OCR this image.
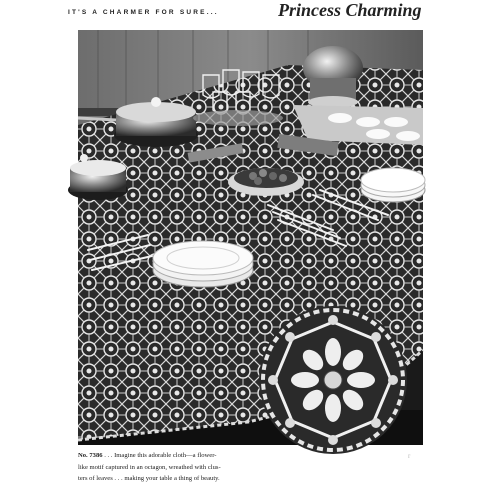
IT'S A CHARMER FOR SURE...	Princess Charming
r
No. 7386 . . . Imagine this adorable cloth—a flower-
like motif captured in an octagon, wreathed with clus-
ters of leaves . . . making your table a thing of beauty.
